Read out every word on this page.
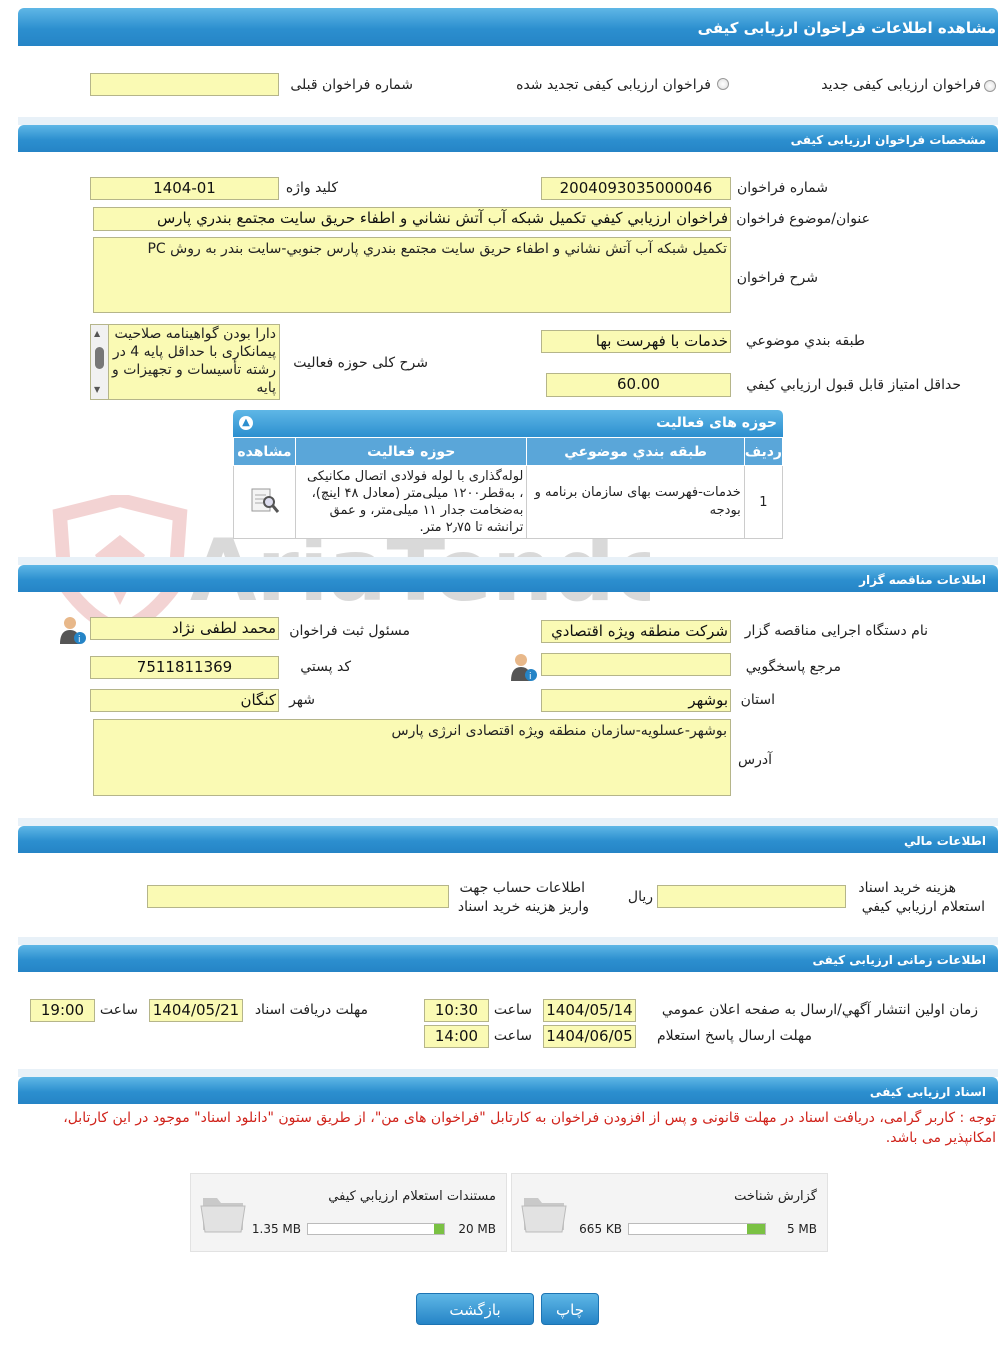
مشاهده اطلاعات فراخوان ارزيابی كيفی
فراخوان ارزيابی كيفی جديد
فراخوان ارزيابی كيفی تجديد شده
شماره فراخوان قبلی
مشخصات فراخوان ارزيابی كيفی
شماره فراخوان
2004093035000046
کليد واژه
1404-01
عنوان/موضوع فراخوان
فراخوان ارزيابي كيفي تكميل شبكه آب آتش نشاني و اطفاء حريق سايت مجتمع بندري پارس
شرح فراخوان
تكميل شبكه آب آتش نشاني و اطفاء حريق سايت مجتمع بندري پارس جنوبي-سايت بندر به روش PC
طبقه بندي موضوعي
خدمات با فهرست بها
شرح کلی حوزه فعالیت
دارا بودن گواهينامه صلاحيت پيمانكاری با حداقل پايه 4 در رشته تأسيسات و تجهيزات و پايه
▲
▼	حداقل امتياز قابل قبول ارزيابي کيفي
60.00
حوزه های فعالیت
▲
رديف	طبقه بندي موضوعي	حوزه فعالیت	مشاهده
1	خدمات-فهرست بهای سازمان برنامه و بودجه	لوله‌گذاری با لوله فولادی اتصال مکانیکی ، به‌قطر۱۲۰۰ میلی‌متر (معادل ۴۸ اینچ)، به‌ضخامت جدار ۱۱ میلی‌متر، و عمق ترانشه تا ۲٫۷۵ متر.	
اطلاعات مناقصه گزار
نام دستگاه اجرايی مناقصه گزار
شركت منطقه ويژه اقتصادي
مسئول ثبت فراخوان
محمد لطفی نژاد
i
مرجع پاسخگويي
i
کد پستي
7511811369
استان
بوشهر
شهر
کنگان
آدرس
بوشهر-عسلويه-سازمان منطقه ويژه اقتصادی انرژی پارس
اطلاعات مالي
هزينه خريد اسناد
استعلام ارزيابي کيفي
ريال
اطلاعات حساب جهت
واريز هزينه خريد اسناد
اطلاعات زمانی ارزيابی كيفی
زمان اولين انتشار آگهي/ارسال به صفحه اعلان عمومي
1404/05/14
ساعت
10:30
مهلت دريافت اسناد
1404/05/21
ساعت
19:00
مهلت ارسال پاسخ استعلام
1404/06/05
ساعت
14:00
اسناد ارزيابی كيفی
توجه : کاربر گرامی، دريافت اسناد در مهلت قانونی و پس از افزودن فراخوان به کارتابل "فراخوان های من"، از طريق ستون "دانلود اسناد" موجود در اين کارتابل، امکانپذير می باشد.
گزارش شناخت
5 MB
665 KB
مستندات استعلام ارزيابي کيفي
20 MB
1.35 MB
چاپ
بازگشت
